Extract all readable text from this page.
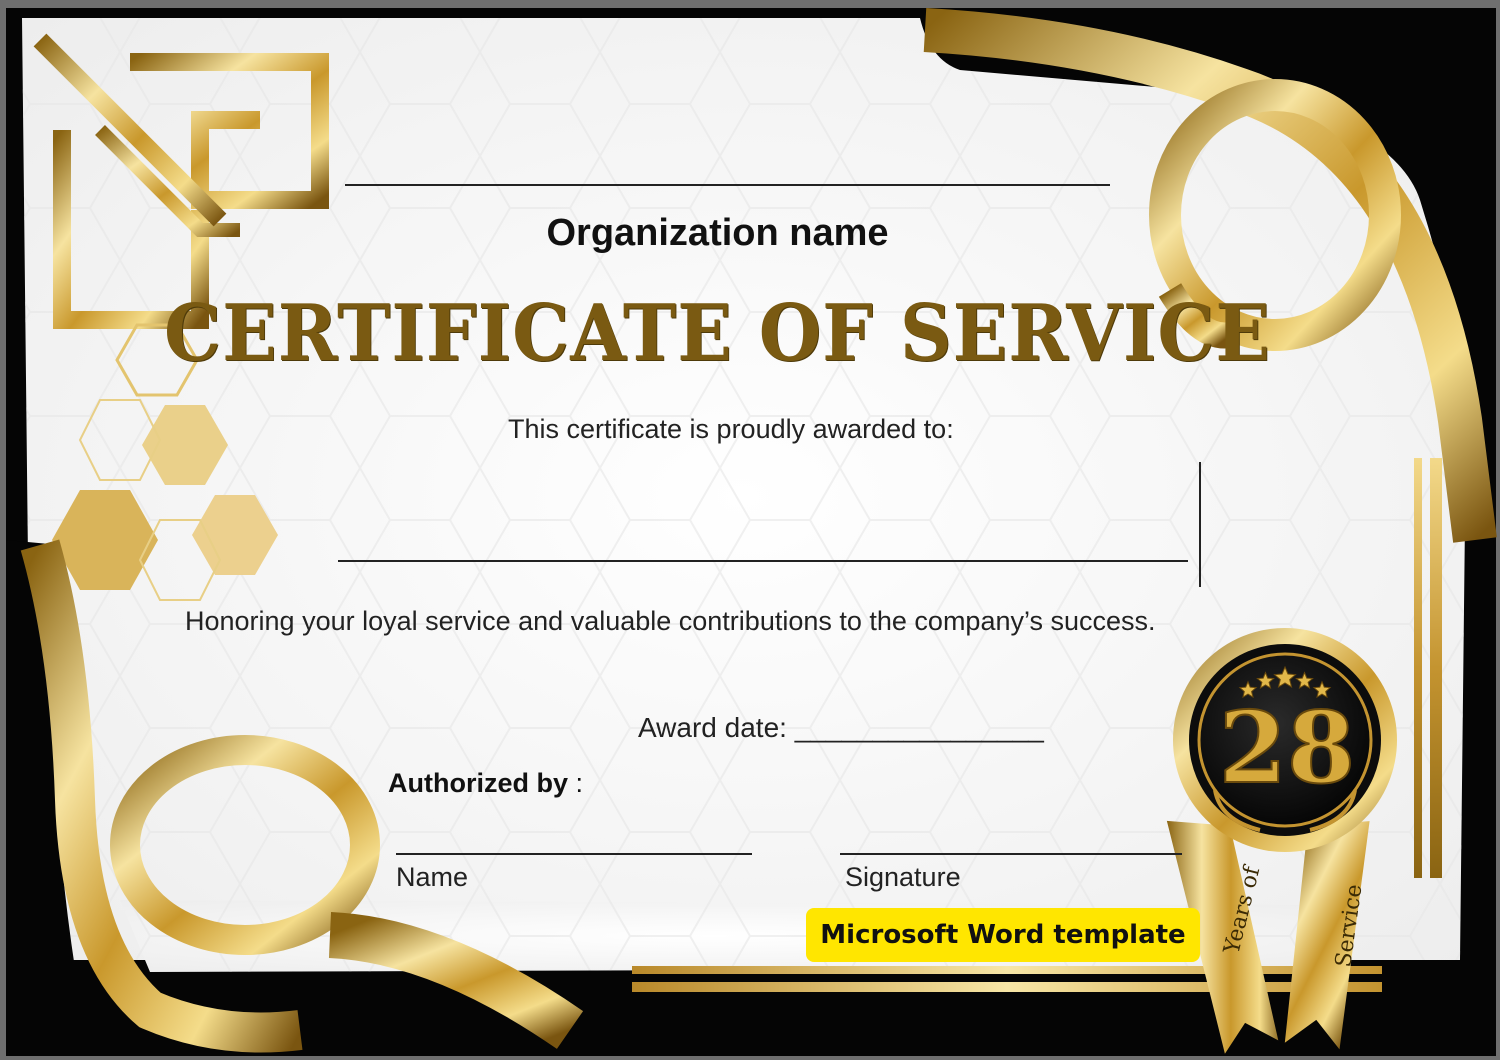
28
Years of	Service
Organization name
CERTIFICATE OF SERVICE
This certificate is proudly awarded to:
Honoring your loyal service and valuable contributions to the company’s success.
Award date: ________________
Authorized by :
Name	Signature
Microsoft Word template
